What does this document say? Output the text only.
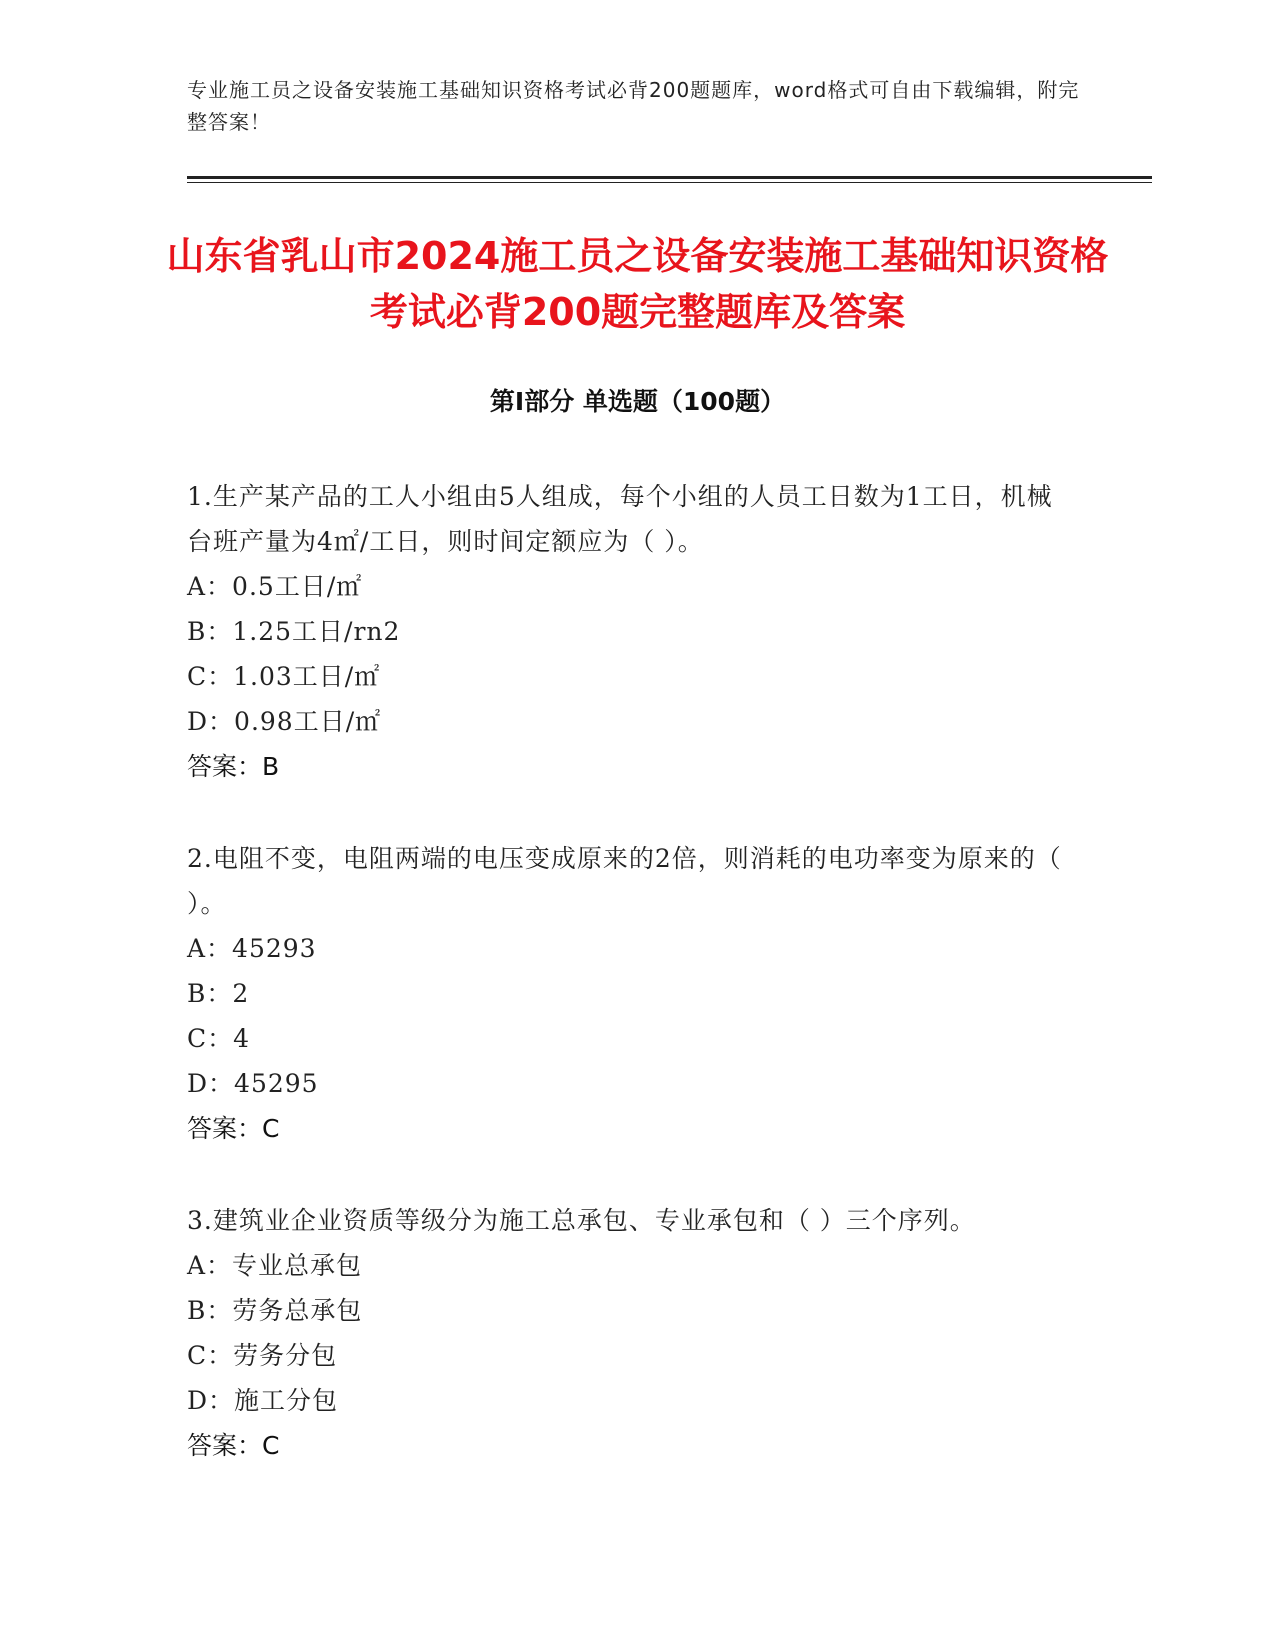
专业施工员之设备安装施工基础知识资格考试必背200题题库，word格式可自由下载编辑，附完整答案！
山东省乳山市2024施工员之设备安装施工基础知识资格考试必背200题完整题库及答案
第Ⅰ部分 单选题（100题）
1.生产某产品的工人小组由5人组成，每个小组的人员工日数为1工日，机械台班产量为4㎡/工日，则时间定额应为（ ）。
A：0.5工日/㎡
B：1.25工日/rn2
C：1.03工日/㎡
D：0.98工日/㎡
答案：B
2.电阻不变，电阻两端的电压变成原来的2倍，则消耗的电功率变为原来的（ ）。
A：45293
B：2
C：4
D：45295
答案：C
3.建筑业企业资质等级分为施工总承包、专业承包和（ ）三个序列。
A：专业总承包
B：劳务总承包
C：劳务分包
D：施工分包
答案：C
